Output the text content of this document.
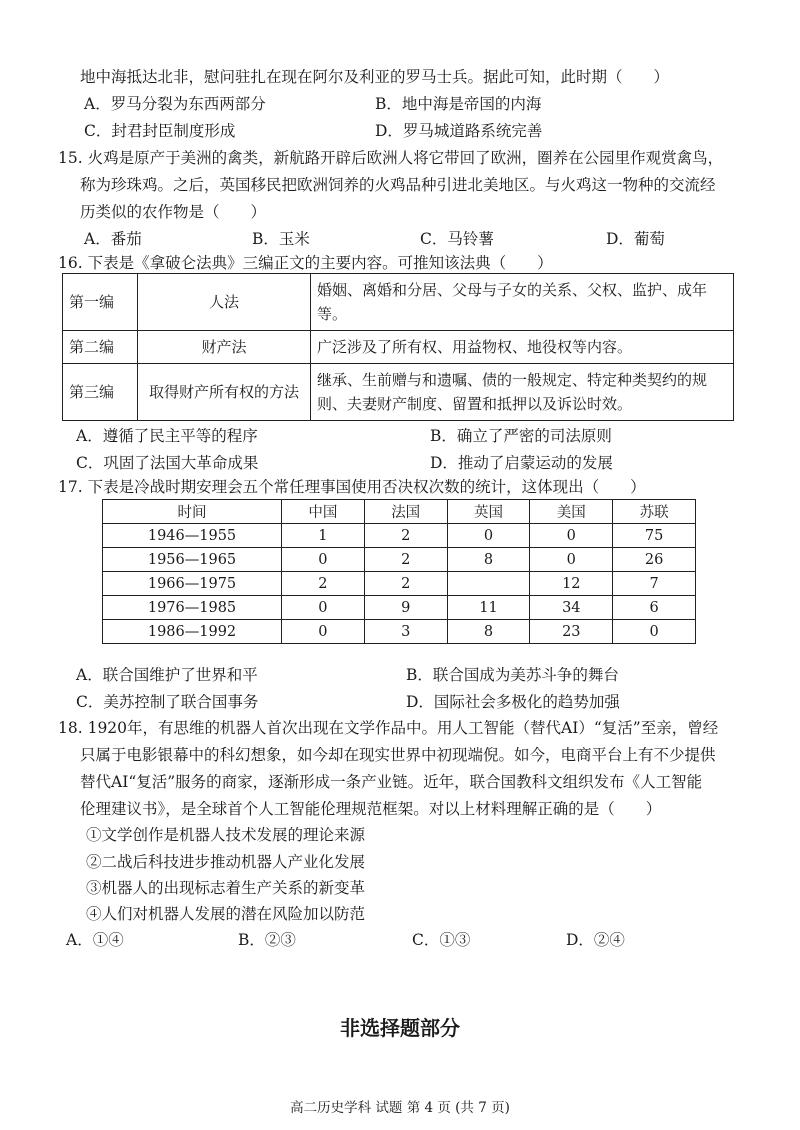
地中海抵达北非，慰问驻扎在现在阿尔及利亚的罗马士兵。据此可知，此时期（　　）
A．罗马分裂为东西两部分	B．地中海是帝国的内海
C．封君封臣制度形成	D．罗马城道路系统完善
15. 火鸡是原产于美洲的禽类，新航路开辟后欧洲人将它带回了欧洲，圈养在公园里作观赏禽鸟，
称为珍珠鸡。之后，英国移民把欧洲饲养的火鸡品种引进北美地区。与火鸡这一物种的交流经
历类似的农作物是（　　）
A．番茄	B．玉米	C．马铃薯	D．葡萄
16. 下表是《拿破仑法典》三编正文的主要内容。可推知该法典（　　）
第一编	人法	婚姻、离婚和分居、父母与子女的关系、父权、监护、成年等。
第二编	财产法	广泛涉及了所有权、用益物权、地役权等内容。
第三编	取得财产所有权的方法	继承、生前赠与和遗嘱、债的一般规定、特定种类契约的规则、夫妻财产制度、留置和抵押以及诉讼时效。
A．遵循了民主平等的程序	B．确立了严密的司法原则
C．巩固了法国大革命成果	D．推动了启蒙运动的发展
17. 下表是冷战时期安理会五个常任理事国使用否决权次数的统计，这体现出（　　）
时间	中国	法国	英国	美国	苏联
1946—1955	1	2	0	0	75
1956—1965	0	2	8	0	26
1966—1975	2	2		12	7
1976—1985	0	9	11	34	6
1986—1992	0	3	8	23	0
A．联合国维护了世界和平	B．联合国成为美苏斗争的舞台
C．美苏控制了联合国事务	D．国际社会多极化的趋势加强
18. 1920年，有思维的机器人首次出现在文学作品中。用人工智能（替代AI）“复活”至亲，曾经
只属于电影银幕中的科幻想象，如今却在现实世界中初现端倪。如今，电商平台上有不少提供
替代AI“复活”服务的商家，逐渐形成一条产业链。近年，联合国教科文组织发布《人工智能
伦理建议书》，是全球首个人工智能伦理规范框架。对以上材料理解正确的是（　　）
①文学创作是机器人技术发展的理论来源
②二战后科技进步推动机器人产业化发展
③机器人的出现标志着生产关系的新变革
④人们对机器人发展的潜在风险加以防范
A．①④	B．②③	C．①③	D．②④
非选择题部分
高二历史学科 试题 第 4 页 (共 7 页)
